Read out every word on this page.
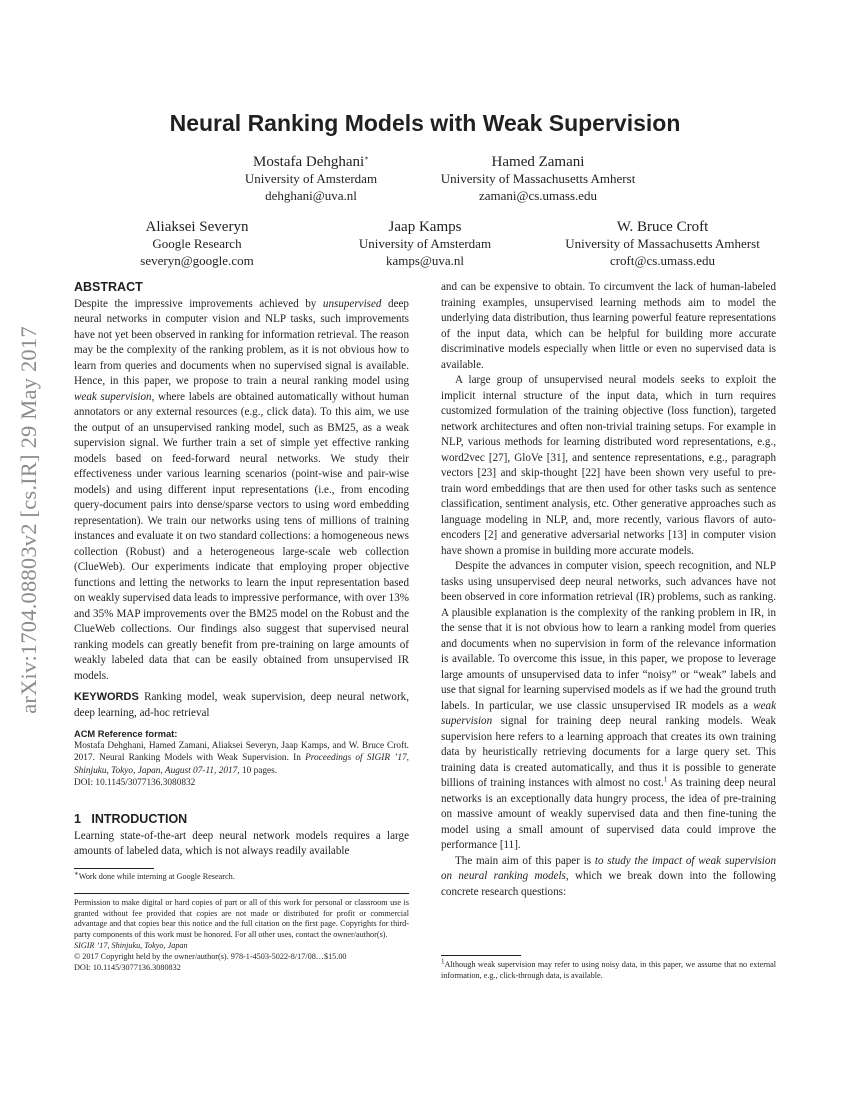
arXiv:1704.08803v2 [cs.IR] 29 May 2017
Neural Ranking Models with Weak Supervision
Mostafa Dehghani∗
University of Amsterdam
dehghani@uva.nl
Hamed Zamani
University of Massachusetts Amherst
zamani@cs.umass.edu
Aliaksei Severyn
Google Research
severyn@google.com
Jaap Kamps
University of Amsterdam
kamps@uva.nl
W. Bruce Croft
University of Massachusetts Amherst
croft@cs.umass.edu
ABSTRACT

Despite the impressive improvements achieved by unsupervised deep neural networks in computer vision and NLP tasks, such improvements have not yet been observed in ranking for information retrieval. The reason may be the complexity of the ranking problem, as it is not obvious how to learn from queries and documents when no supervised signal is available. Hence, in this paper, we propose to train a neural ranking model using weak supervision, where labels are obtained automatically without human annotators or any external resources (e.g., click data). To this aim, we use the output of an unsupervised ranking model, such as BM25, as a weak supervision signal. We further train a set of simple yet effective ranking models based on feed-forward neural networks. We study their effectiveness under various learning scenarios (point-wise and pair-wise models) and using different input representations (i.e., from encoding query-document pairs into dense/sparse vectors to using word embedding representation). We train our networks using tens of millions of training instances and evaluate it on two standard collections: a homogeneous news collection (Robust) and a heterogeneous large-scale web collection (ClueWeb). Our experiments indicate that employing proper objective functions and letting the networks to learn the input representation based on weakly supervised data leads to impressive performance, with over 13% and 35% MAP improvements over the BM25 model on the Robust and the ClueWeb collections. Our findings also suggest that supervised neural ranking models can greatly benefit from pre-training on large amounts of weakly labeled data that can be easily obtained from unsupervised IR models.

KEYWORDS Ranking model, weak supervision, deep neural network, deep learning, ad-hoc retrieval

ACM Reference format:
Mostafa Dehghani, Hamed Zamani, Aliaksei Severyn, Jaap Kamps, and W. Bruce Croft. 2017. Neural Ranking Models with Weak Supervision. In Proceedings of SIGIR ’17, Shinjuku, Tokyo, Japan, August 07-11, 2017, 10 pages.
DOI: 10.1145/3077136.3080832
1 INTRODUCTION

Learning state-of-the-art deep neural network models requires a large amounts of labeled data, which is not always readily available

∗Work done while interning at Google Research.
Permission to make digital or hard copies of part or all of this work for personal or classroom use is granted without fee provided that copies are not made or distributed for profit or commercial advantage and that copies bear this notice and the full citation on the first page. Copyrights for third-party components of this work must be honored. For all other uses, contact the owner/author(s).
SIGIR ’17, Shinjuku, Tokyo, Japan
© 2017 Copyright held by the owner/author(s). 978-1-4503-5022-8/17/08…$15.00
DOI: 10.1145/3077136.3080832

and can be expensive to obtain. To circumvent the lack of human-labeled training examples, unsupervised learning methods aim to model the underlying data distribution, thus learning powerful feature representations of the input data, which can be helpful for building more accurate discriminative models especially when little or even no supervised data is available.

A large group of unsupervised neural models seeks to exploit the implicit internal structure of the input data, which in turn requires customized formulation of the training objective (loss function), targeted network architectures and often non-trivial training setups. For example in NLP, various methods for learning distributed word representations, e.g., word2vec [27], GloVe [31], and sentence representations, e.g., paragraph vectors [23] and skip-thought [22] have been shown very useful to pre-train word embeddings that are then used for other tasks such as sentence classification, sentiment analysis, etc. Other generative approaches such as language modeling in NLP, and, more recently, various flavors of auto-encoders [2] and generative adversarial networks [13] in computer vision have shown a promise in building more accurate models.

Despite the advances in computer vision, speech recognition, and NLP tasks using unsupervised deep neural networks, such advances have not been observed in core information retrieval (IR) problems, such as ranking. A plausible explanation is the complexity of the ranking problem in IR, in the sense that it is not obvious how to learn a ranking model from queries and documents when no supervision in form of the relevance information is available. To overcome this issue, in this paper, we propose to leverage large amounts of unsupervised data to infer “noisy” or “weak” labels and use that signal for learning supervised models as if we had the ground truth labels. In particular, we use classic unsupervised IR models as a weak supervision signal for training deep neural ranking models. Weak supervision here refers to a learning approach that creates its own training data by heuristically retrieving documents for a large query set. This training data is created automatically, and thus it is possible to generate billions of training instances with almost no cost.$^1$ As training deep neural networks is an exceptionally data hungry process, the idea of pre-training on massive amount of weakly supervised data and then fine-tuning the model using a small amount of supervised data could improve the performance [11].

The main aim of this paper is to study the impact of weak supervision on neural ranking models, which we break down into the following concrete research questions:

$^1$Although weak supervision may refer to using noisy data, in this paper, we assume that no external information, e.g., click-through data, is available.
